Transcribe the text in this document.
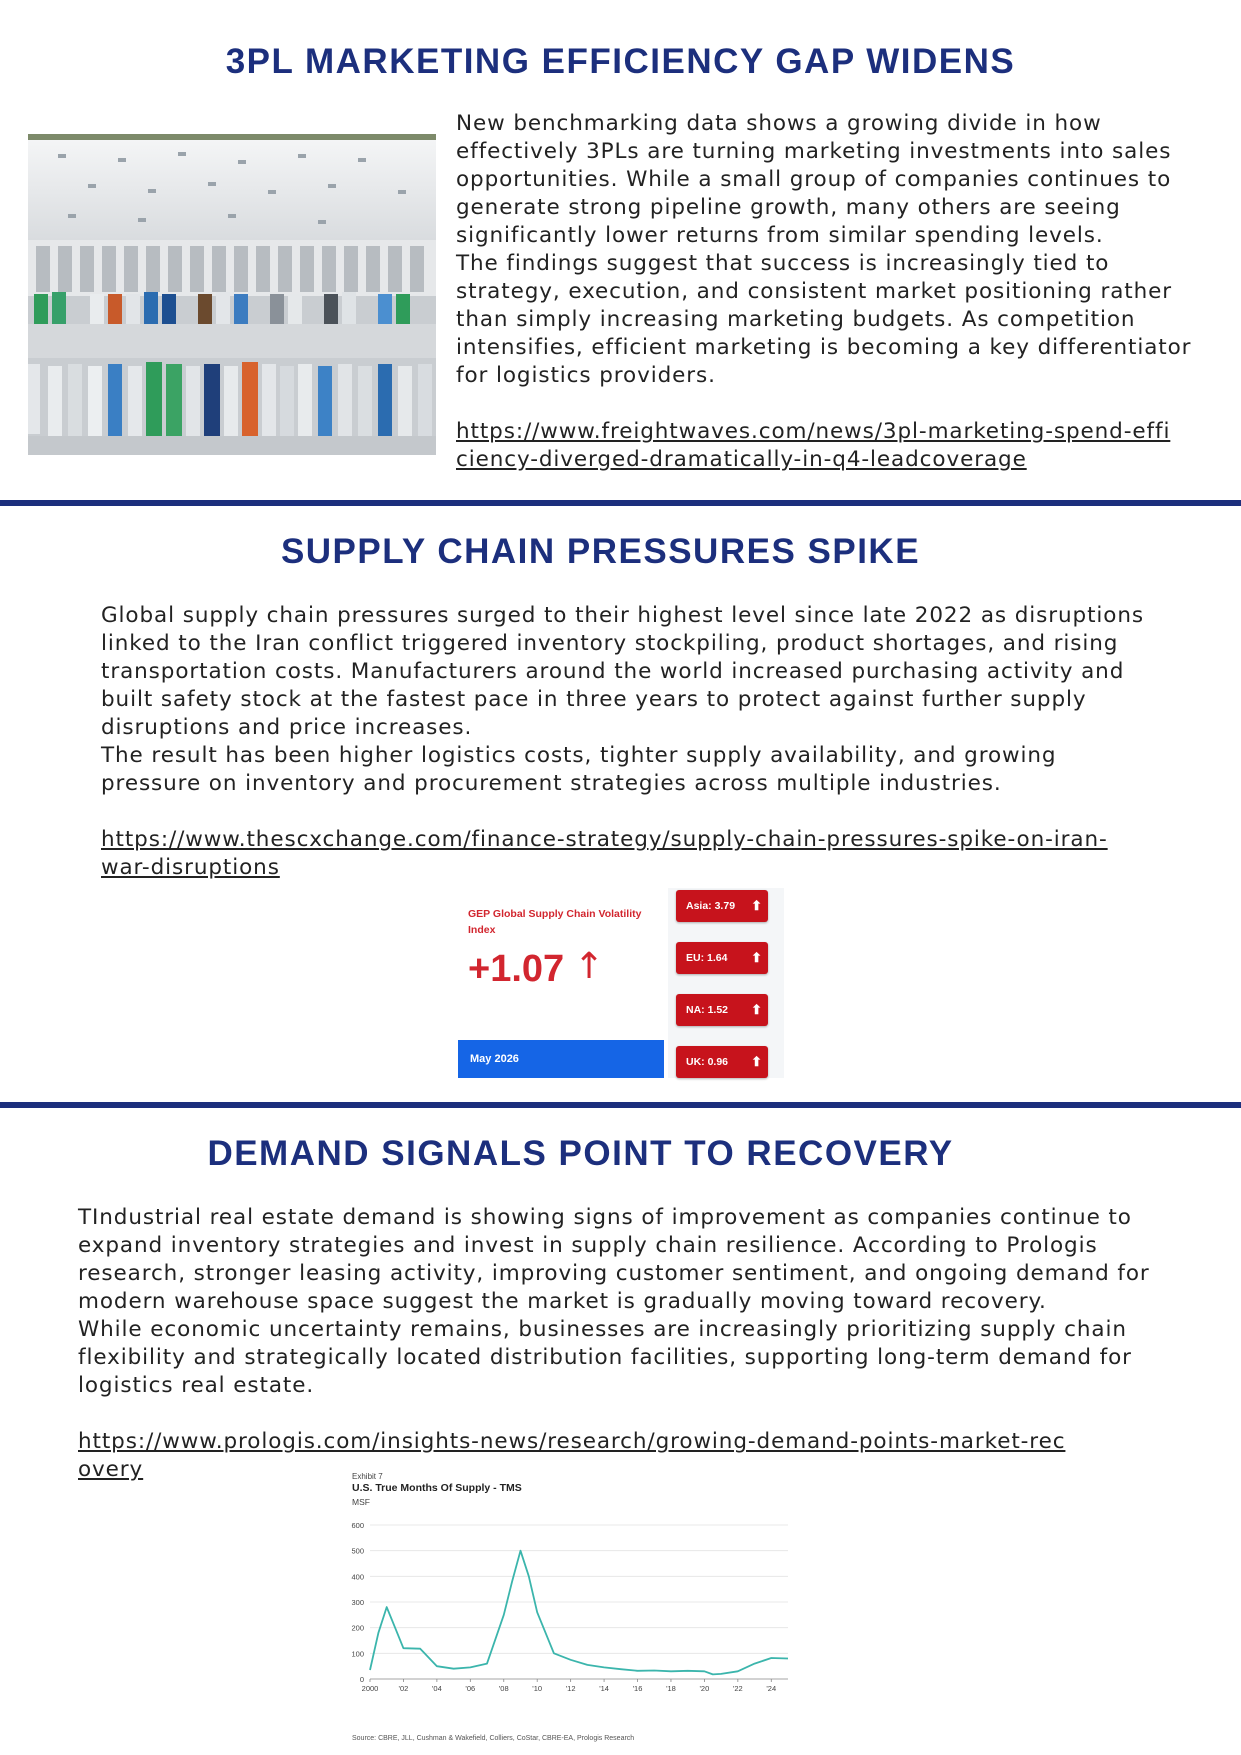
3PL MARKETING EFFICIENCY GAP WIDENS

New benchmarking data shows a growing divide in how effectively 3PLs are turning marketing investments into sales opportunities. While a small group of companies continues to generate strong pipeline growth, many others are seeing significantly lower returns from similar spending levels.

The findings suggest that success is increasingly tied to strategy, execution, and consistent market positioning rather than simply increasing marketing budgets. As competition intensifies, efficient marketing is becoming a key differentiator for logistics providers.

https://www.freightwaves.com/news/3pl-marketing-spend-efficiency-diverged-dramatically-in-q4-leadcoverage
SUPPLY CHAIN PRESSURES SPIKE

Global supply chain pressures surged to their highest level since late 2022 as disruptions linked to the Iran conflict triggered inventory stockpiling, product shortages, and rising transportation costs. Manufacturers around the world increased purchasing activity and built safety stock at the fastest pace in three years to protect against further supply disruptions and price increases.

The result has been higher logistics costs, tighter supply availability, and growing pressure on inventory and procurement strategies across multiple industries.

https://www.thescxchange.com/finance-strategy/supply-chain-pressures-spike-on-iran-war-disruptions
GEP Global Supply Chain Volatility Index
+1.07 ↑
May 2026
Asia: 3.79 ⬆
EU: 1.64 ⬆
NA: 1.52 ⬆
UK: 0.96 ⬆
DEMAND SIGNALS POINT TO RECOVERY

TIndustrial real estate demand is showing signs of improvement as companies continue to expand inventory strategies and invest in supply chain resilience. According to Prologis research, stronger leasing activity, improving customer sentiment, and ongoing demand for modern warehouse space suggest the market is gradually moving toward recovery.

While economic uncertainty remains, businesses are increasingly prioritizing supply chain flexibility and strategically located distribution facilities, supporting long-term demand for logistics real estate.

https://www.prologis.com/insights-news/research/growing-demand-points-market-recovery	Exhibit 7
U.S. True Months Of Supply - TMS
MSF
0
100
200
300
400
500
600
2000	'02	'04	'06	'08	'10	'12	'14	'16	'18	'20	'22	'24
Source: CBRE, JLL, Cushman & Wakefield, Colliers, CoStar, CBRE-EA, Prologis Research
